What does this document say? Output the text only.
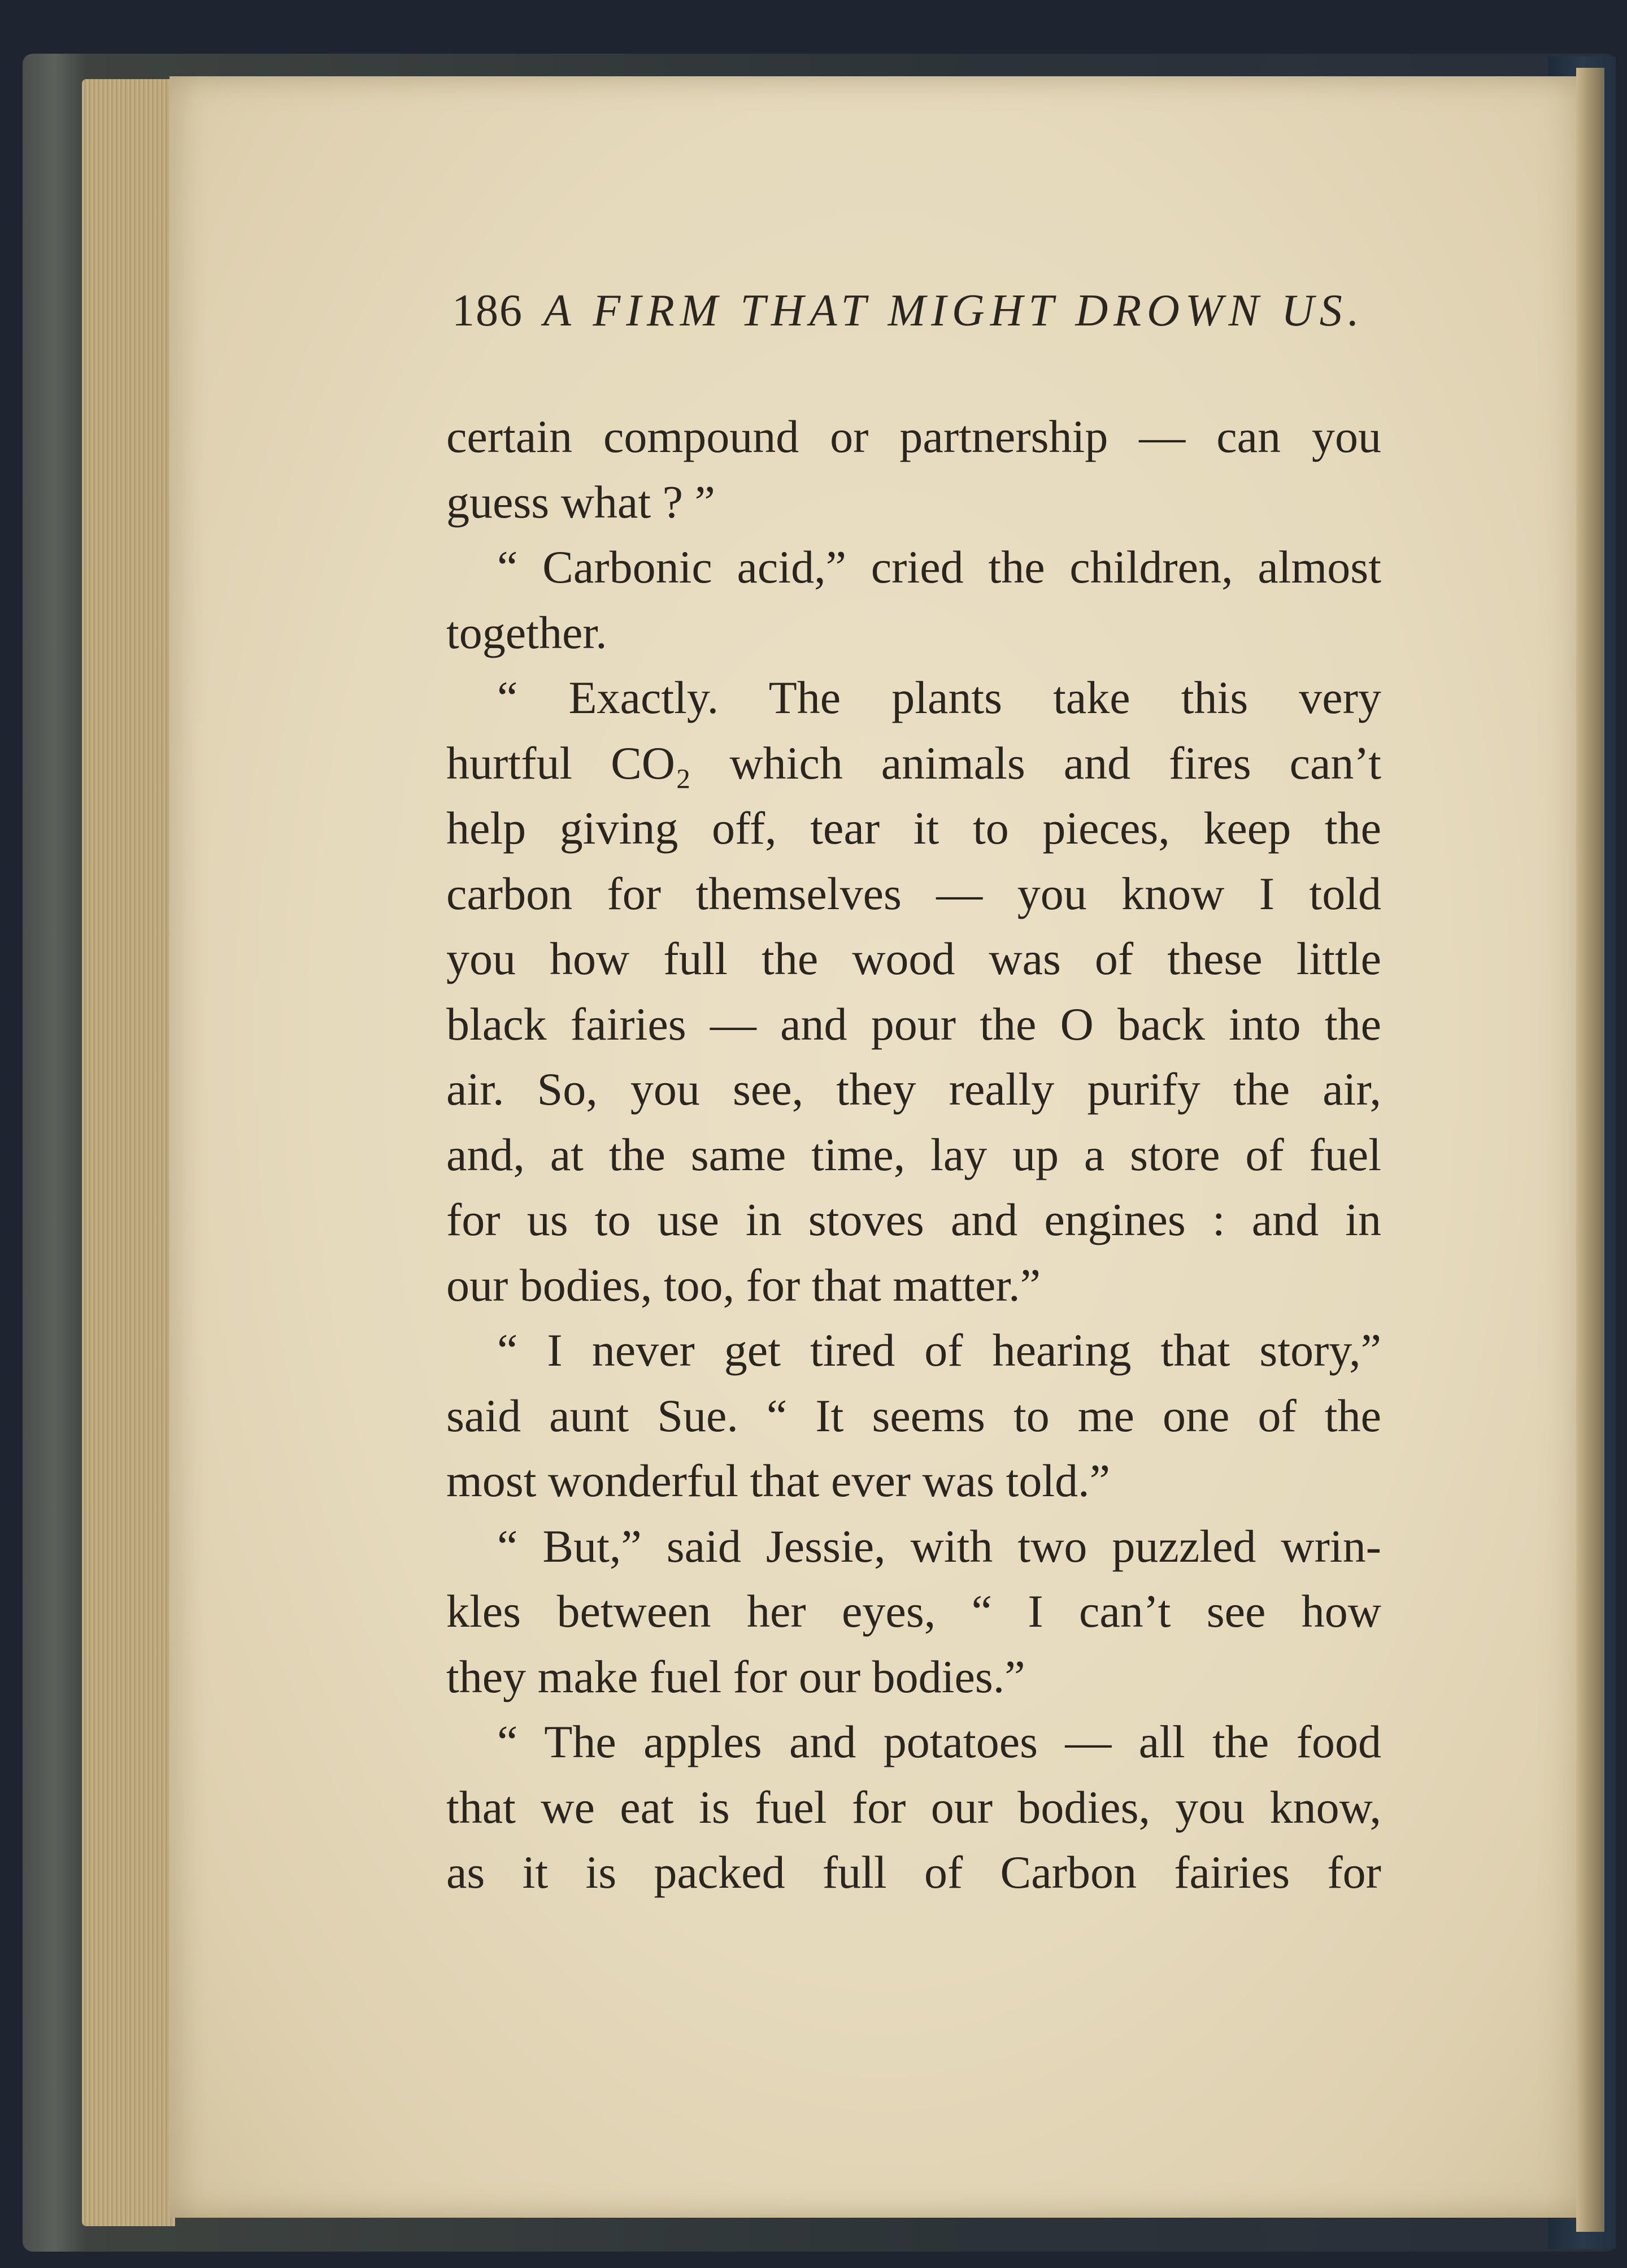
186 A FIRM THAT MIGHT DROWN US.
certain compound or partnership — can you
guess what ? ”
“ Carbonic acid,” cried the children, almost
together.
“ Exactly. The plants take this very
hurtful CO₂ which animals and fires can’t
help giving off, tear it to pieces, keep the
carbon for themselves — you know I told
you how full the wood was of these little
black fairies — and pour the O back into the
air. So, you see, they really purify the air,
and, at the same time, lay up a store of fuel
for us to use in stoves and engines : and in
our bodies, too, for that matter.”
“ I never get tired of hearing that story,”
said aunt Sue. “ It seems to me one of the
most wonderful that ever was told.”
“ But,” said Jessie, with two puzzled wrin-
kles between her eyes, “ I can’t see how
they make fuel for our bodies.”
“ The apples and potatoes — all the food
that we eat is fuel for our bodies, you know,
as it is packed full of Carbon fairies for
